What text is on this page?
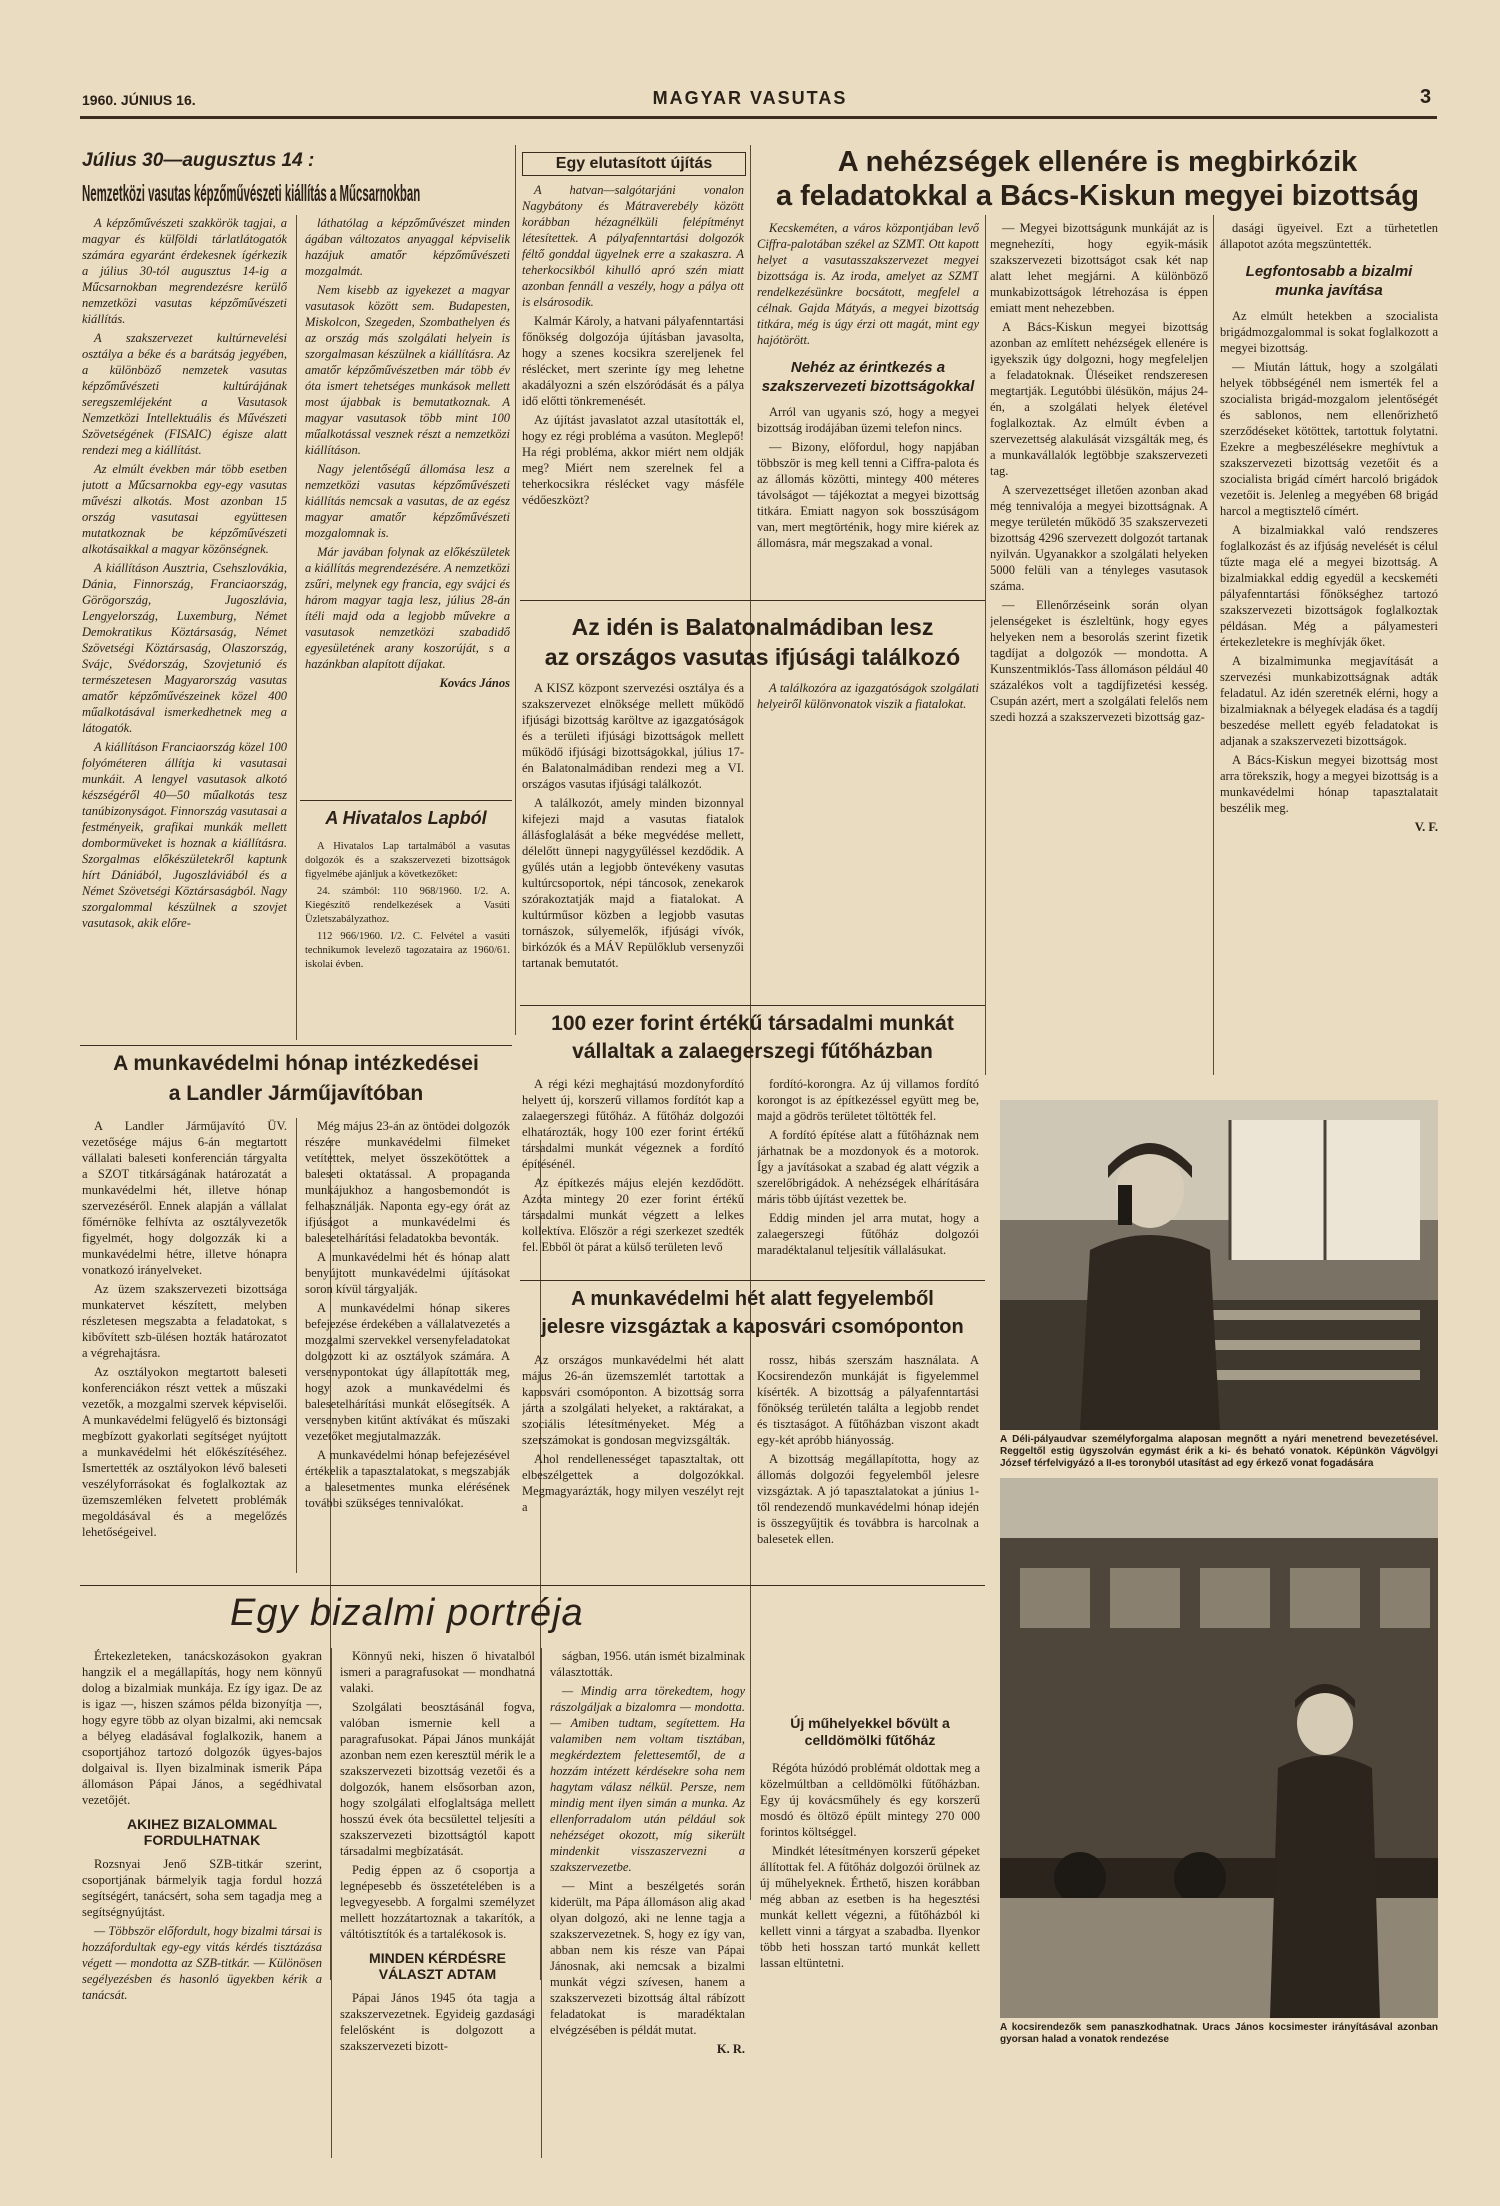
1960. JÚNIUS 16.	MAGYAR VASUTAS	3
Július 30—augusztus 14 :
Nemzetközi vasutas képzőművészeti kiállítás a Műcsarnokban

A képzőművészeti szakkörök tagjai, a magyar és külföldi tárlatlátogatók számára egyaránt érdekesnek ígérkezik a július 30-tól augusztus 14-ig a Műcsarnokban megrendezésre kerülő nemzetközi vasutas képzőművészeti kiállítás.

A szakszervezet kultúrnevelési osztálya a béke és a barátság jegyében, a különböző nemzetek vasutas képzőművészeti kultúrájának seregszemléjeként a Vasutasok Nemzetközi Intellektuális és Művészeti Szövetségének (FISAIC) égisze alatt rendezi meg a kiállítást.

Az elmúlt években már több esetben jutott a Műcsarnokba egy-egy vasutas művészi alkotás. Most azonban 15 ország vasutasai együttesen mutatkoznak be képzőművészeti alkotásaikkal a magyar közönségnek.

A kiállításon Ausztria, Csehszlovákia, Dánia, Finnország, Franciaország, Görögország, Jugoszlávia, Lengyelország, Luxemburg, Német Demokratikus Köztársaság, Német Szövetségi Köztársaság, Olaszország, Svájc, Svédország, Szovjetunió és természetesen Magyarország vasutas amatőr képzőművészeinek közel 400 műalkotásával ismerkedhetnek meg a látogatók.

A kiállításon Franciaország közel 100 folyóméteren állítja ki vasutasai munkáit. A lengyel vasutasok alkotó készségéről 40—50 műalkotás tesz tanúbizonyságot. Finnország vasutasai a festményeik, grafikai munkák mellett dombormüveket is hoznak a kiállításra. Szorgalmas előkészületekről kaptunk hírt Dániából, Jugoszláviából és a Német Szövetségi Köztársaságból. Nagy szorgalommal készülnek a szovjet vasutasok, akik előre-

láthatólag a képzőművészet minden ágában változatos anyaggal képviselik hazájuk amatőr képzőművészeti mozgalmát.

Nem kisebb az igyekezet a magyar vasutasok között sem. Budapesten, Miskolcon, Szegeden, Szombathelyen és az ország más szolgálati helyein is szorgalmasan készülnek a kiállításra. Az amatőr képzőművészetben már több év óta ismert tehetséges munkások mellett most újabbak is bemutatkoznak. A magyar vasutasok több mint 100 műalkotással vesznek részt a nemzetközi kiállításon.

Nagy jelentőségű állomása lesz a nemzetközi vasutas képzőművészeti kiállítás nemcsak a vasutas, de az egész magyar amatőr képzőművészeti mozgalomnak is.

Már javában folynak az előkészületek a kiállítás megrendezésére. A nemzetközi zsűri, melynek egy francia, egy svájci és három magyar tagja lesz, július 28-án ítéli majd oda a legjobb művekre a vasutasok nemzetközi szabadidő egyesületének arany koszorúját, s a hazánkban alapított díjakat.

Kovács János
A Hivatalos Lapból

A Hivatalos Lap tartalmából a vasutas dolgozók és a szakszervezeti bizottságok figyelmébe ajánljuk a következőket:

24. számból: 110 968/1960. I/2. A. Kiegészítő rendelkezések a Vasúti Üzletszabályzathoz.

112 966/1960. I/2. C. Felvétel a vasúti technikumok levelező tagozataira az 1960/61. iskolai évben.

Egy elutasított újítás

A hatvan—salgótarjáni vonalon Nagybátony és Mátraverebély között korábban hézagnélküli felépítményt létesítettek. A pályafenntartási dolgozók féltő gonddal ügyelnek erre a szakaszra. A teherkocsikból kihulló apró szén miatt azonban fennáll a veszély, hogy a pálya ott is elsárosodik.

Kalmár Károly, a hatvani pályafenntartási főnökség dolgozója újításban javasolta, hogy a szenes kocsikra szereljenek fel réslécket, mert szerinte így meg lehetne akadályozni a szén elszóródását és a pálya idő előtti tönkremenését.

Az újítást javaslatot azzal utasították el, hogy ez régi probléma a vasúton. Meglepő! Ha régi probléma, akkor miért nem oldják meg? Miért nem szerelnek fel a teherkocsikra réslécket vagy másféle védőeszközt?

A nehézségek ellenére is megbirkózik
a feladatokkal a Bács-Kiskun megyei bizottság

Kecskeméten, a város központjában levő Ciffra-palotában székel az SZMT. Ott kapott helyet a vasutasszakszervezet megyei bizottsága is. Az iroda, amelyet az SZMT rendelkezésünkre bocsátott, megfelel a célnak. Gajda Mátyás, a megyei bizottság titkára, még is úgy érzi ott magát, mint egy hajótörött.

Nehéz az érintkezés a szakszervezeti bizottságokkal

Arról van ugyanis szó, hogy a megyei bizottság irodájában üzemi telefon nincs.

— Bizony, előfordul, hogy napjában többször is meg kell tenni a Ciffra-palota és az állomás közötti, mintegy 400 méteres távolságot — tájékoztat a megyei bizottság titkára. Emiatt nagyon sok bosszúságom van, mert megtörténik, hogy mire kiérek az állomásra, már megszakad a vonal.

— Megyei bizottságunk munkáját az is megnehezíti, hogy egyik-másik szakszervezeti bizottságot csak két nap alatt lehet megjárni. A különböző munkabizottságok létrehozása is éppen emiatt ment nehezebben.

A Bács-Kiskun megyei bizottság azonban az említett nehézségek ellenére is igyekszik úgy dolgozni, hogy megfeleljen a feladatoknak. Üléseiket rendszeresen megtartják. Legutóbbi ülésükön, május 24-én, a szolgálati helyek életével foglalkoztak. Az elmúlt évben a szervezettség alakulását vizsgálták meg, és a munkavállalók legtöbbje szakszervezeti tag.

A szervezettséget illetően azonban akad még tennivalója a megyei bizottságnak. A megye területén működő 35 szakszervezeti bizottság 4296 szervezett dolgozót tartanak nyilván. Ugyanakkor a szolgálati helyeken 5000 felüli van a tényleges vasutasok száma.

— Ellenőrzéseink során olyan jelenségeket is észleltünk, hogy egyes helyeken nem a besorolás szerint fizetik tagdíjat a dolgozók — mondotta. A Kunszentmiklós-Tass állomáson például 40 százalékos volt a tagdíjfizetési kesség. Csupán azért, mert a szolgálati felelős nem szedi hozzá a szakszervezeti bizottság gaz-

dasági ügyeivel. Ezt a türhetetlen állapotot azóta megszüntették.

Legfontosabb a bizalmi munka javítása

Az elmúlt hetekben a szocialista brigádmozgalommal is sokat foglalkozott a megyei bizottság.

— Miután láttuk, hogy a szolgálati helyek többségénél nem ismerték fel a szocialista brigád-mozgalom jelentőségét és sablonos, nem ellenőrizhető szerződéseket kötöttek, tartottuk folytatni. Ezekre a megbeszélésekre meghívtuk a szakszervezeti bizottság vezetőit és a szocialista brigád címért harcoló brigádok vezetőit is. Jelenleg a megyében 68 brigád harcol a megtisztelő címért.

A bizalmiakkal való rendszeres foglalkozást és az ifjúság nevelését is célul tűzte maga elé a megyei bizottság. A bizalmiakkal eddig egyedül a kecskeméti pályafenntartási főnökséghez tartozó szakszervezeti bizottságok foglalkoztak példásan. Még a pályamesteri értekezletekre is meghívják őket.

A bizalmimunka megjavítását a szervezési munkabizottságnak adták feladatul. Az idén szeretnék elérni, hogy a bizalmiaknak a bélyegek eladása és a tagdíj beszedése mellett egyéb feladatokat is adjanak a szakszervezeti bizottságok.

A Bács-Kiskun megyei bizottság most arra törekszik, hogy a megyei bizottság is a munkavédelmi hónap tapasztalatait beszélik meg.

V. F.
Az idén is Balatonalmádiban lesz
az országos vasutas ifjúsági találkozó

A KISZ központ szervezési osztálya és a szakszervezet elnöksége mellett működő ifjúsági bizottság karöltve az igazgatóságok és a területi ifjúsági bizottságok mellett működő ifjúsági bizottságokkal, július 17-én Balatonalmádiban rendezi meg a VI. országos vasutas ifjúsági találkozót.

A találkozót, amely minden bizonnyal kifejezi majd a vasutas fiatalok állásfoglalását a béke megvédése mellett, délelőtt ünnepi nagygyűléssel kezdődik. A gyűlés után a legjobb öntevékeny vasutas kultúrcsoportok, népi táncosok, zenekarok szórakoztatják majd a fiatalokat. A kultúrműsor közben a legjobb vasutas tornászok, súlyemelők, ifjúsági vívók, birkózók és a MÁV Repülőklub versenyzői tartanak bemutatót.

A találkozóra az igazgatóságok szolgálati helyeiről különvonatok viszik a fiatalokat.

100 ezer forint értékű társadalmi munkát
vállaltak a zalaegerszegi fűtőházban

A régi kézi meghajtású mozdonyfordító helyett új, korszerű villamos fordítót kap a zalaegerszegi fűtőház. A fűtőház dolgozói elhatározták, hogy 100 ezer forint értékű társadalmi munkát végeznek a fordító építésénél.

Az építkezés május elején kezdődött. Azóta mintegy 20 ezer forint értékű társadalmi munkát végzett a lelkes kollektíva. Először a régi szerkezet szedték fel. Ebből öt párat a külső területen levő

fordító-korongra. Az új villamos fordító korongot is az építkezéssel együtt meg be, majd a gödrös területet töltötték fel.

A fordító építése alatt a fűtőháznak nem járhatnak be a mozdonyok és a motorok. Így a javításokat a szabad ég alatt végzik a szerelőbrigádok. A nehézségek elhárítására máris több újítást vezettek be.

Eddig minden jel arra mutat, hogy a zalaegerszegi fűtőház dolgozói maradéktalanul teljesítik vállalásukat.

A munkavédelmi hét alatt fegyelemből
jelesre vizsgáztak a kaposvári csomóponton

Az országos munkavédelmi hét alatt május 26-án üzemszemlét tartottak a kaposvári csomóponton. A bizottság sorra járta a szolgálati helyeket, a raktárakat, a szociális létesítményeket. Még a szerszámokat is gondosan megvizsgálták.

Ahol rendellenességet tapasztaltak, ott elbeszélgettek a dolgozókkal. Megmagyarázták, hogy milyen veszélyt rejt a

rossz, hibás szerszám használata. A Kocsirendezőn munkáját is figyelemmel kísérték. A bizottság a pályafenntartási főnökség területén találta a legjobb rendet és tisztaságot. A fűtőházban viszont akadt egy-két apróbb hiányosság.

A bizottság megállapította, hogy az állomás dolgozói fegyelemből jelesre vizsgáztak. A jó tapasztalatokat a június 1-től rendezendő munkavédelmi hónap idején is összegyűjtik és továbbra is harcolnak a balesetek ellen.

A munkavédelmi hónap intézkedései
a Landler Járműjavítóban

A Landler Járműjavító ÜV. vezetősége május 6-án megtartott vállalati baleseti konferencián tárgyalta a SZOT titkárságának határozatát a munkavédelmi hét, illetve hónap szervezéséről. Ennek alapján a vállalat főmérnöke felhívta az osztályvezetők figyelmét, hogy dolgozzák ki a munkavédelmi hétre, illetve hónapra vonatkozó irányelveket.

Az üzem szakszervezeti bizottsága munkatervet készített, melyben részletesen megszabta a feladatokat, s kibővített szb-ülésen hozták határozatot a végrehajtásra.

Az osztályokon megtartott baleseti konferenciákon részt vettek a műszaki vezetők, a mozgalmi szervek képviselői. A munkavédelmi felügyelő és biztonsági megbízott gyakorlati segítséget nyújtott a munkavédelmi hét előkészítéséhez. Ismertették az osztályokon lévő baleseti veszélyforrásokat és foglalkoztak az üzemszemléken felvetett problémák megoldásával és a megelőzés lehetőségeivel.

Még május 23-án az öntödei dolgozók részére munkavédelmi filmeket vetítettek, melyet összekötöttek a baleseti oktatással. A propaganda munkájukhoz a hangosbemondót is felhasználják. Naponta egy-egy órát az ifjúságot a munkavédelmi és balesetelhárítási feladatokba bevonták.

A munkavédelmi hét és hónap alatt benyújtott munkavédelmi újításokat soron kívül tárgyalják.

A munkavédelmi hónap sikeres befejezése érdekében a vállalatvezetés a mozgalmi szervekkel versenyfeladatokat dolgozott ki az osztályok számára. A versenypontokat úgy állapították meg, hogy azok a munkavédelmi és balesetelhárítási munkát elősegítsék. A versenyben kitűnt aktívákat és műszaki vezetőket megjutalmazzák.

A munkavédelmi hónap befejezésével értékelik a tapasztalatokat, s megszabják a balesetmentes munka elérésének további szükséges tennivalókat.

Egy bizalmi portréja

Értekezleteken, tanácskozásokon gyakran hangzik el a megállapítás, hogy nem könnyű dolog a bizalmiak munkája. Ez így igaz. De az is igaz —, hiszen számos példa bizonyítja —, hogy egyre több az olyan bizalmi, aki nemcsak a bélyeg eladásával foglalkozik, hanem a csoportjához tartozó dolgozók ügyes-bajos dolgaival is. Ilyen bizalminak ismerik Pápa állomáson Pápai János, a segédhivatal vezetőjét.

AKIHEZ BIZALOMMAL FORDULHATNAK

Rozsnyai Jenő SZB-titkár szerint, csoportjának bármelyik tagja fordul hozzá segítségért, tanácsért, soha sem tagadja meg a segítségnyújtást.

— Többször előfordult, hogy bizalmi társai is hozzáfordultak egy-egy vitás kérdés tisztázása végett — mondotta az SZB-titkár. — Különösen segélyezésben és hasonló ügyekben kérik a tanácsát.

Könnyű neki, hiszen ő hivatalból ismeri a paragrafusokat — mondhatná valaki.

Szolgálati beosztásánál fogva, valóban ismernie kell a paragrafusokat. Pápai János munkáját azonban nem ezen keresztül mérik le a szakszervezeti bizottság vezetői és a dolgozók, hanem elsősorban azon, hogy szolgálati elfoglaltsága mellett hosszú évek óta becsülettel teljesíti a szakszervezeti bizottságtól kapott társadalmi megbízatását.

Pedig éppen az ő csoportja a legnépesebb és összetételében is a legvegyesebb. A forgalmi személyzet mellett hozzátartoznak a takarítók, a váltótisztítók és a tartalékosok is.

MINDEN KÉRDÉSRE VÁLASZT ADTAM

Pápai János 1945 óta tagja a szakszervezetnek. Egyideig gazdasági felelősként is dolgozott a szakszervezeti bizott-

ságban, 1956. után ismét bizalminak választották.

— Mindig arra törekedtem, hogy rászolgáljak a bizalomra — mondotta. — Amiben tudtam, segítettem. Ha valamiben nem voltam tisztában, megkérdeztem felettesemtől, de a hozzám intézett kérdésekre soha nem hagytam válasz nélkül. Persze, nem mindig ment ilyen simán a munka. Az ellenforradalom után például sok nehézséget okozott, míg sikerült mindenkit visszaszervezni a szakszervezetbe.

— Mint a beszélgetés során kiderült, ma Pápa állomáson alig akad olyan dolgozó, aki ne lenne tagja a szakszervezetnek. S, hogy ez így van, abban nem kis része van Pápai Jánosnak, aki nemcsak a bizalmi munkát végzi szívesen, hanem a szakszervezeti bizottság által rábízott feladatokat is maradéktalan elvégzésében is példát mutat.

K. R.
Új műhelyekkel bővült a celldömölki fűtőház

Régóta húzódó problémát oldottak meg a közelmúltban a celldömölki fűtőházban. Egy új kovácsműhely és egy korszerű mosdó és öltöző épült mintegy 270 000 forintos költséggel.

Mindkét létesítményen korszerű gépeket állítottak fel. A fűtőház dolgozói örülnek az új műhelyeknek. Érthető, hiszen korábban még abban az esetben is ha hegesztési munkát kellett végezni, a fűtőházból ki kellett vinni a tárgyat a szabadba. Ilyenkor több heti hosszan tartó munkát kellett lassan eltüntetni.

A Déli-pályaudvar személyforgalma alaposan megnőtt a nyári menetrend bevezetésével. Reggeltől estig ügyszolván egymást érik a ki- és beható vonatok. Képünkön Vágvölgyi József térfelvigyázó a II-es toronyból utasítást ad egy érkező vonat fogadására
A kocsirendezők sem panaszkodhatnak. Uracs János kocsimester irányításával azonban gyorsan halad a vonatok rendezése
